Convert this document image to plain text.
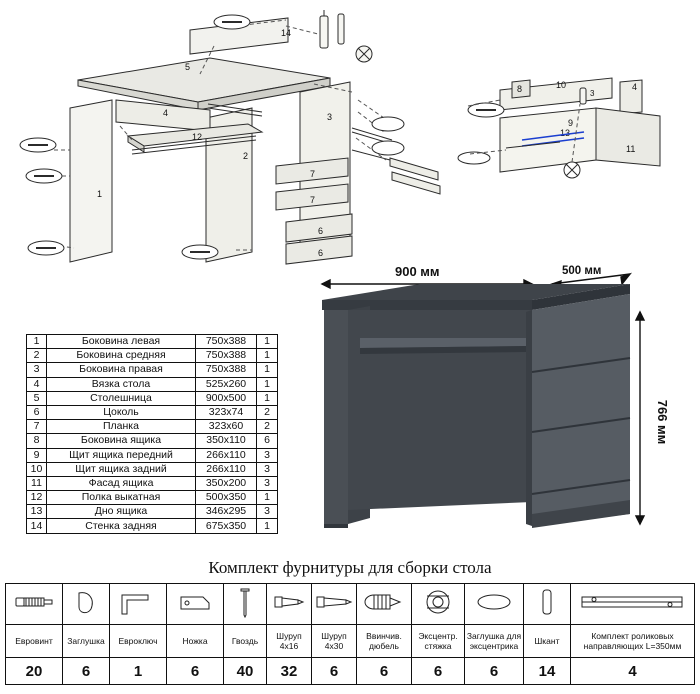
5
14
1
2
3
4
12
7
7
6
6
8	10	4
9
11
13
3
1	Боковина левая	750x388	1
2	Боковина средняя	750x388	1
3	Боковина правая	750x388	1
4	Вязка стола	525x260	1
5	Столешница	900x500	1
6	Цоколь	323x74	2
7	Планка	323x60	2
8	Боковина ящика	350x110	6
9	Щит ящика передний	266х110	3
10	Щит ящика задний	266х110	3
11	Фасад ящика	350x200	3
12	Полка выкатная	500x350	1
13	Дно ящика	346х295	3
14	Стенка задняя	675х350	1
900 мм	500 мм
766 мм
Комплект фурнитуры для сборки стола

Евровинт	Заглушка	Евроключ	Ножка	Гвоздь	Шуруп 4х16	Шуруп 4х30	Ввинчив. дюбель	Эксцентр. стяжка	Заглушка для эксцентрика	Шкант	Комплект роликовых направляющих L=350мм
20	6	1	6	40	32	6	6	6	6	14	4
